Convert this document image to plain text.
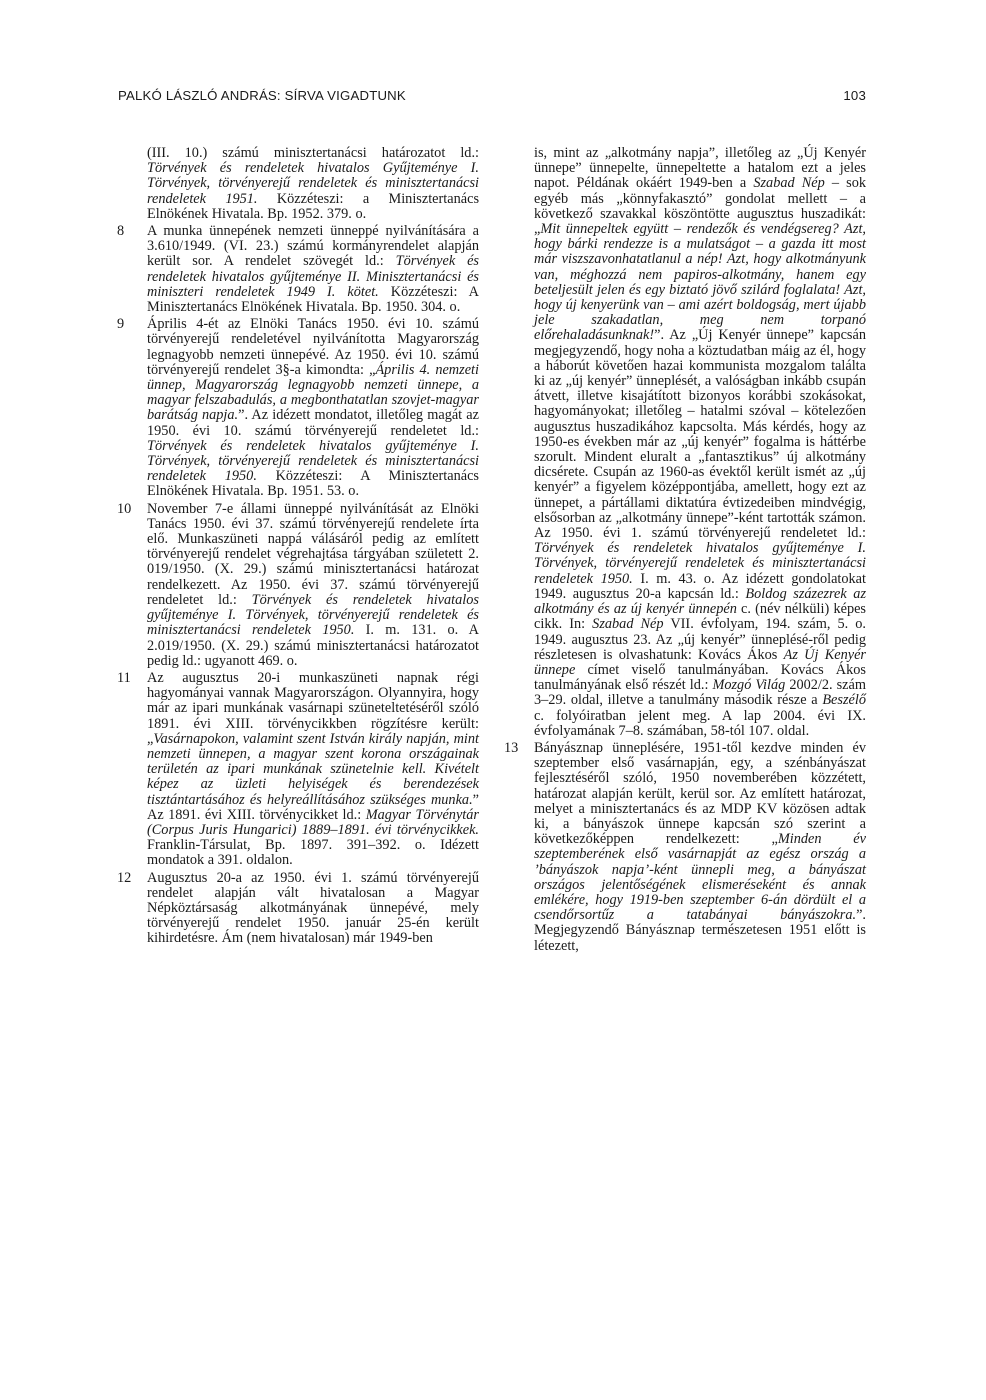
PALKÓ LÁSZLÓ ANDRÁS: SÍRVA VIGADTUNK	103
(III. 10.) számú minisztertanácsi határozatot ld.: Törvények és rendeletek hivatalos Gyűjteménye I. Törvények, törvényerejű rendeletek és minisztertanácsi rendeletek 1951. Közzéteszi: a Minisztertanács Elnökének Hivatala. Bp. 1952. 379. o.
8	A munka ünnepének nemzeti ünneppé nyilvánítására a 3.610/1949. (VI. 23.) számú kormányrendelet alapján került sor. A rendelet szövegét ld.: Törvények és rendeletek hivatalos gyűjteménye II. Minisztertanácsi és miniszteri rendeletek 1949 I. kötet. Közzéteszi: A Minisztertanács Elnökének Hivatala. Bp. 1950. 304. o.
9	Április 4-ét az Elnöki Tanács 1950. évi 10. számú törvényerejű rendeletével nyilvánította Magyarország legnagyobb nemzeti ünnepévé. Az 1950. évi 10. számú törvényerejű rendelet 3§-a kimondta: „Április 4. nemzeti ünnep, Magyarország legnagyobb nemzeti ünnepe, a magyar felszabadulás, a megbonthatatlan szovjet-magyar barátság napja.”. Az idézett mondatot, illetőleg magát az 1950. évi 10. számú törvényerejű rendeletet ld.: Törvények és rendeletek hivatalos gyűjteménye I. Törvények, törvényerejű rendeletek és minisztertanácsi rendeletek 1950. Közzéteszi: A Minisztertanács Elnökének Hivatala. Bp. 1951. 53. o.
10	November 7-e állami ünneppé nyilvánítását az Elnöki Tanács 1950. évi 37. számú törvényerejű rendelete írta elő. Munkaszüneti nappá válásáról pedig az említett törvényerejű rendelet végrehajtása tárgyában született 2. 019/1950. (X. 29.) számú minisztertanácsi határozat rendelkezett. Az 1950. évi 37. számú törvényerejű rendeletet ld.: Törvények és rendeletek hivatalos gyűjteménye I. Törvények, törvényerejű rendeletek és minisztertanácsi rendeletek 1950. I. m. 131. o. A 2.019/1950. (X. 29.) számú minisztertanácsi határozatot pedig ld.: ugyanott 469. o.
11	Az augusztus 20-i munkaszüneti napnak régi hagyományai vannak Magyarországon. Olyannyira, hogy már az ipari munkának vasárnapi szüneteltetéséről szóló 1891. évi XIII. törvénycikkben rögzítésre került: „Vasárnapokon, valamint szent István király napján, mint nemzeti ünnepen, a magyar szent korona országainak területén az ipari munkának szünetelnie kell. Kivételt képez az üzleti helyiségek és berendezések tisztántartásához és helyreállításához szükséges munka.” Az 1891. évi XIII. törvénycikket ld.: Magyar Törvénytár (Corpus Juris Hungarici) 1889–1891. évi törvénycikkek. Franklin-Társulat, Bp. 1897. 391–392. o. Idézett mondatok a 391. oldalon.
12	Augusztus 20-a az 1950. évi 1. számú törvényerejű rendelet alapján vált hivatalosan a Magyar Népköztársaság alkotmányának ünnepévé, mely törvényerejű rendelet 1950. január 25-én került kihirdetésre. Ám (nem hivatalosan) már 1949-ben
is, mint az „alkotmány napja”, illetőleg az „Új Kenyér ünnepe” ünnepelte, ünnepeltette a hatalom ezt a jeles napot. Példának okáért 1949-ben a Szabad Nép – sok egyéb más „könnyfakasztó” gondolat mellett – a következő szavakkal köszöntötte augusztus huszadikát: „Mit ünnepeltek együtt – rendezők és vendégsereg? Azt, hogy bárki rendezze is a mulatságot – a gazda itt most már viszszavonhatatlanul a nép! Azt, hogy alkotmányunk van, méghozzá nem papiros-alkotmány, hanem egy beteljesült jelen és egy biztató jövő szilárd foglalata! Azt, hogy új kenyerünk van – ami azért boldogság, mert újabb jele szakadatlan, meg nem torpanó előrehaladásunknak!”. Az „Új Kenyér ünnepe” kapcsán megjegyzendő, hogy noha a köztudatban máig az él, hogy a háborút követően hazai kommunista mozgalom találta ki az „új kenyér” ünneplését, a valóságban inkább csupán átvett, illetve kisajátított bizonyos korábbi szokásokat, hagyományokat; illetőleg – hatalmi szóval – kötelezően augusztus huszadikához kapcsolta. Más kérdés, hogy az 1950-es években már az „új kenyér” fogalma is háttérbe szorult. Mindent eluralt a „fantasztikus” új alkotmány dicsérete. Csupán az 1960-as évektől került ismét az „új kenyér” a figyelem középpontjába, amellett, hogy ezt az ünnepet, a pártállami diktatúra évtizedeiben mindvégig, elsősorban az „alkotmány ünnepe”-ként tartották számon. Az 1950. évi 1. számú törvényerejű rendeletet ld.: Törvények és rendeletek hivatalos gyűjteménye I. Törvények, törvényerejű rendeletek és minisztertanácsi rendeletek 1950. I. m. 43. o. Az idézett gondolatokat 1949. augusztus 20-a kapcsán ld.: Boldog százezrek az alkotmány és az új kenyér ünnepén c. (név nélküli) képes cikk. In: Szabad Nép VII. évfolyam, 194. szám, 5. o. 1949. augusztus 23. Az „új kenyér” ünneplésé-ről pedig részletesen is olvashatunk: Kovács Ákos Az Új Kenyér ünnepe címet viselő tanulmányában. Kovács Ákos tanulmányának első részét ld.: Mozgó Világ 2002/2. szám 3–29. oldal, illetve a tanulmány második része a Beszélő c. folyóiratban jelent meg. A lap 2004. évi IX. évfolyamának 7–8. számában, 58-tól 107. oldal.
13	Bányásznap ünneplésére, 1951-től kezdve minden év szeptember első vasárnapján, egy, a szénbányászat fejlesztéséről szóló, 1950 novemberében közzétett, határozat alapján került, kerül sor. Az említett határozat, melyet a minisztertanács és az MDP KV közösen adtak ki, a bányászok ünnepe kapcsán szó szerint a következőképpen rendelkezett: „Minden év szeptemberének első vasárnapját az egész ország a ’bányászok napja’-ként ünnepli meg, a bányászat országos jelentőségének elismeréseként és annak emlékére, hogy 1919-ben szeptember 6-án dördült el a csendőrsortűz a tatabányai bányászokra.”. Megjegyzendő Bányásznap természetesen 1951 előtt is létezett,
